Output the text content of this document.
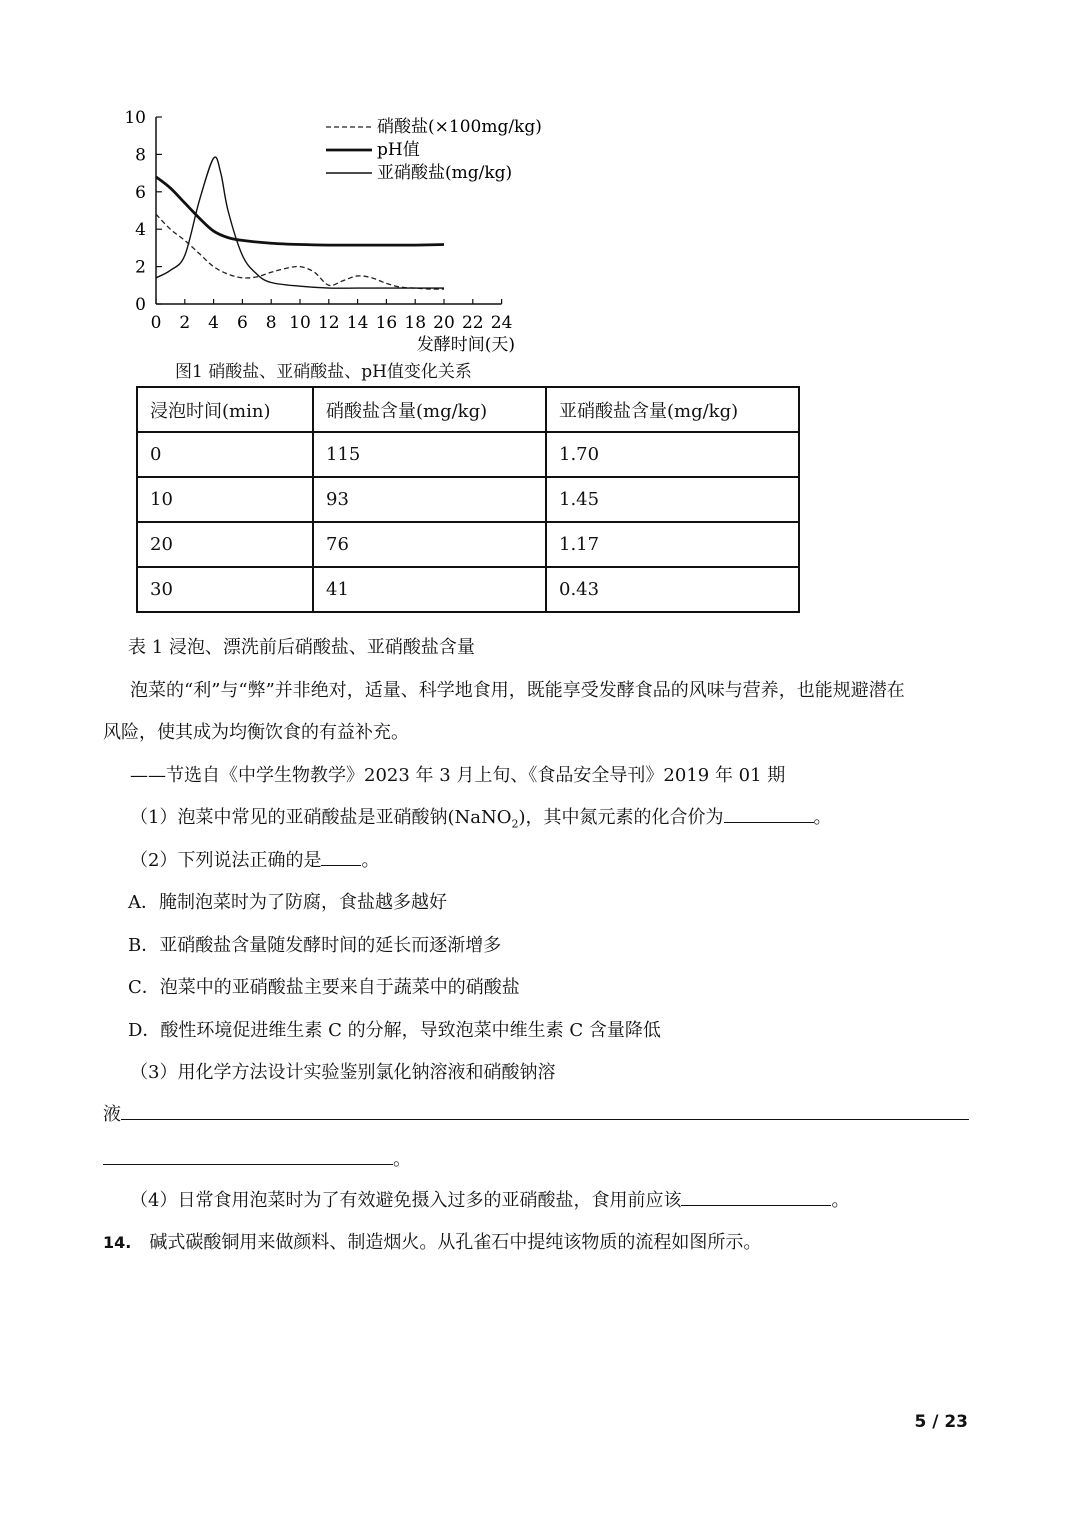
0 2 4 6 8 10 12 14 16 18 20 22 24
0
2
4
6
8
10	硝酸盐(×100mg/kg)
pH值
亚硝酸盐(mg/kg)
发酵时间(天)
图1 硝酸盐、亚硝酸盐、pH值变化关系
浸泡时间(min)	硝酸盐含量(mg/kg)	亚硝酸盐含量(mg/kg)
0	115	1.70
10	93	1.45
20	76	1.17
30	41	0.43
表 1 浸泡、漂洗前后硝酸盐、亚硝酸盐含量
泡菜的“利”与“弊”并非绝对，适量、科学地食用，既能享受发酵食品的风味与营养，也能规避潜在
风险，使其成为均衡饮食的有益补充。
——节选自《中学生物教学》2023 年 3 月上旬、《食品安全导刊》2019 年 01 期
（1）泡菜中常见的亚硝酸盐是亚硝酸钠(NaNO$_2$)，其中氮元素的化合价为	。
（2）下列说法正确的是 。
A．腌制泡菜时为了防腐，食盐越多越好
B．亚硝酸盐含量随发酵时间的延长而逐渐增多
C．泡菜中的亚硝酸盐主要来自于蔬菜中的硝酸盐
D．酸性环境促进维生素 C 的分解，导致泡菜中维生素 C 含量降低
（3）用化学方法设计实验鉴别氯化钠溶液和硝酸钠溶
液
。
（4）日常食用泡菜时为了有效避免摄入过多的亚硝酸盐，食用前应该	。
14. 碱式碳酸铜用来做颜料、制造烟火。从孔雀石中提纯该物质的流程如图所示。
5 / 23
